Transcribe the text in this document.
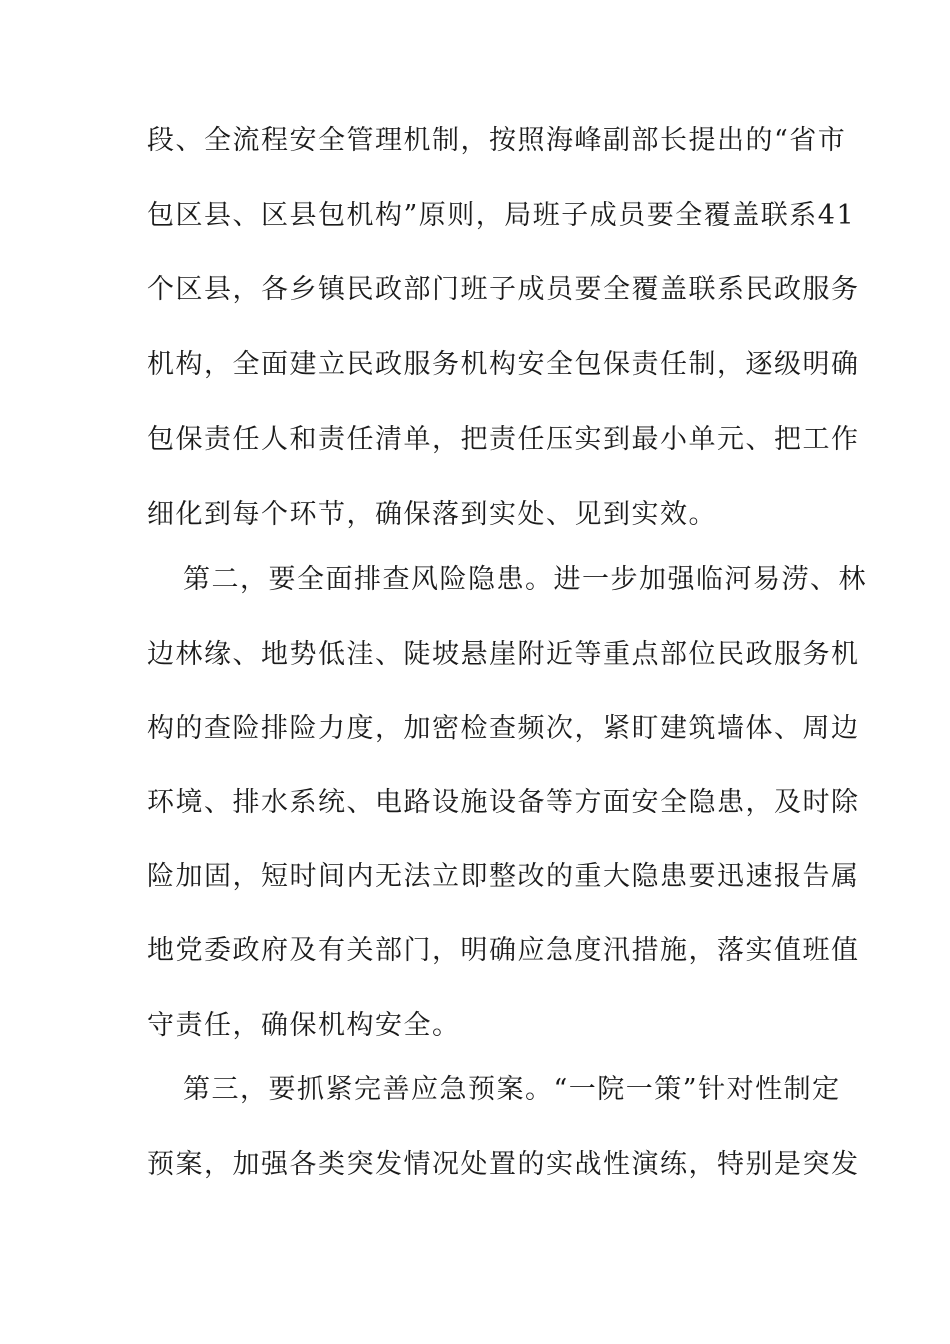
段、全流程安全管理机制，按照海峰副部长提出的“省市
包区县、区县包机构”原则，局班子成员要全覆盖联系41
个区县，各乡镇民政部门班子成员要全覆盖联系民政服务
机构，全面建立民政服务机构安全包保责任制，逐级明确
包保责任人和责任清单，把责任压实到最小单元、把工作
细化到每个环节，确保落到实处、见到实效。
第二，要全面排查风险隐患。进一步加强临河易涝、林
边林缘、地势低洼、陡坡悬崖附近等重点部位民政服务机
构的查险排险力度，加密检查频次，紧盯建筑墙体、周边
环境、排水系统、电路设施设备等方面安全隐患，及时除
险加固，短时间内无法立即整改的重大隐患要迅速报告属
地党委政府及有关部门，明确应急度汛措施，落实值班值
守责任，确保机构安全。
第三，要抓紧完善应急预案。“一院一策”针对性制定
预案，加强各类突发情况处置的实战性演练，特别是突发
